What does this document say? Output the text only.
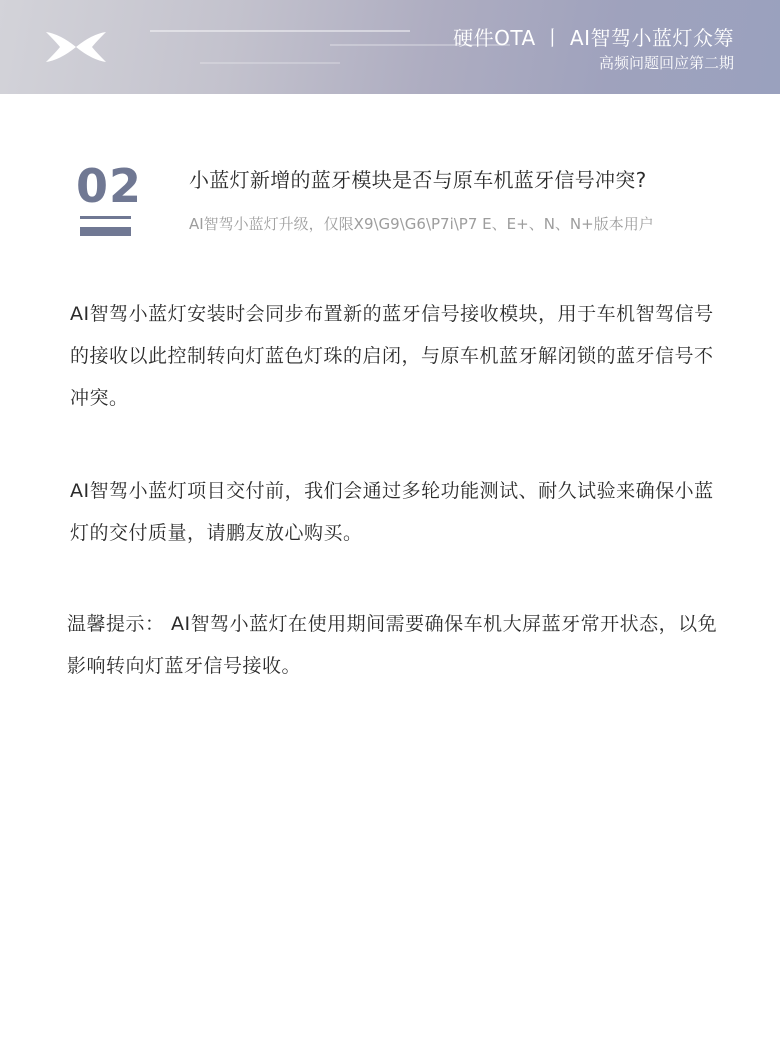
硬件OTA 丨 AI智驾小蓝灯众筹
高频问题回应第二期
02 小蓝灯新增的蓝牙模块是否与原车机蓝牙信号冲突?
AI智驾小蓝灯升级，仅限X9\G9\G6\P7i\P7 E、E+、N、N+版本用户
AI智驾小蓝灯安装时会同步布置新的蓝牙信号接收模块，用于车机智驾信号的接收以此控制转向灯蓝色灯珠的启闭，与原车机蓝牙解闭锁的蓝牙信号不冲突。
AI智驾小蓝灯项目交付前，我们会通过多轮功能测试、耐久试验来确保小蓝灯的交付质量，请鹏友放心购买。
温馨提示： AI智驾小蓝灯在使用期间需要确保车机大屏蓝牙常开状态，以免影响转向灯蓝牙信号接收。
